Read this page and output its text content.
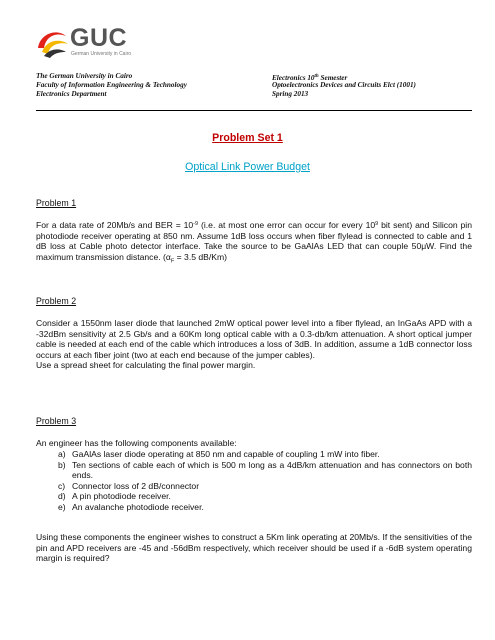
GUC
German University in Cairo
The German University in Cairo
Faculty of Information Engineering & Technology
Electronics Department
Electronics 10th Semester
Optoelectronics Devices and Circuits Elct (1001)
Spring 2013
Problem Set 1
Optical Link Power Budget
Problem 1
For a data rate of 20Mb/s and BER = $10^{-9}$ (i.e. at most one error can occur for every $10^9$ bit sent) and Silicon pin photodiode receiver operating at 850 nm. Assume 1dB loss occurs when fiber flylead is connected to cable and 1 dB loss at Cable photo detector interface. Take the source to be GaAlAs LED that can couple 50μW. Find the maximum transmission distance. ($\alpha_F = 3.5$ dB/Km)
Problem 2
Consider a 1550nm laser diode that launched 2mW optical power level into a fiber flylead, an InGaAs APD with a -32dBm sensitivity at 2.5 Gb/s and a 60Km long optical cable with a 0.3-db/km attenuation. A short optical jumper cable is needed at each end of the cable which introduces a loss of 3dB. In addition, assume a 1dB connector loss occurs at each fiber joint (two at each end because of the jumper cables).
Use a spread sheet for calculating the final power margin.
Problem 3
An engineer has the following components available:
a) GaAlAs laser diode operating at 850 nm and capable of coupling 1 mW into fiber.
b) Ten sections of cable each of which is 500 m long as a 4dB/km attenuation and has connectors on both ends.
c) Connector loss of 2 dB/connector
d) A pin photodiode receiver.
e) An avalanche photodiode receiver.
Using these components the engineer wishes to construct a 5Km link operating at 20Mb/s. If the sensitivities of the pin and APD receivers are -45 and -56dBm respectively, which receiver should be used if a -6dB system operating margin is required?
